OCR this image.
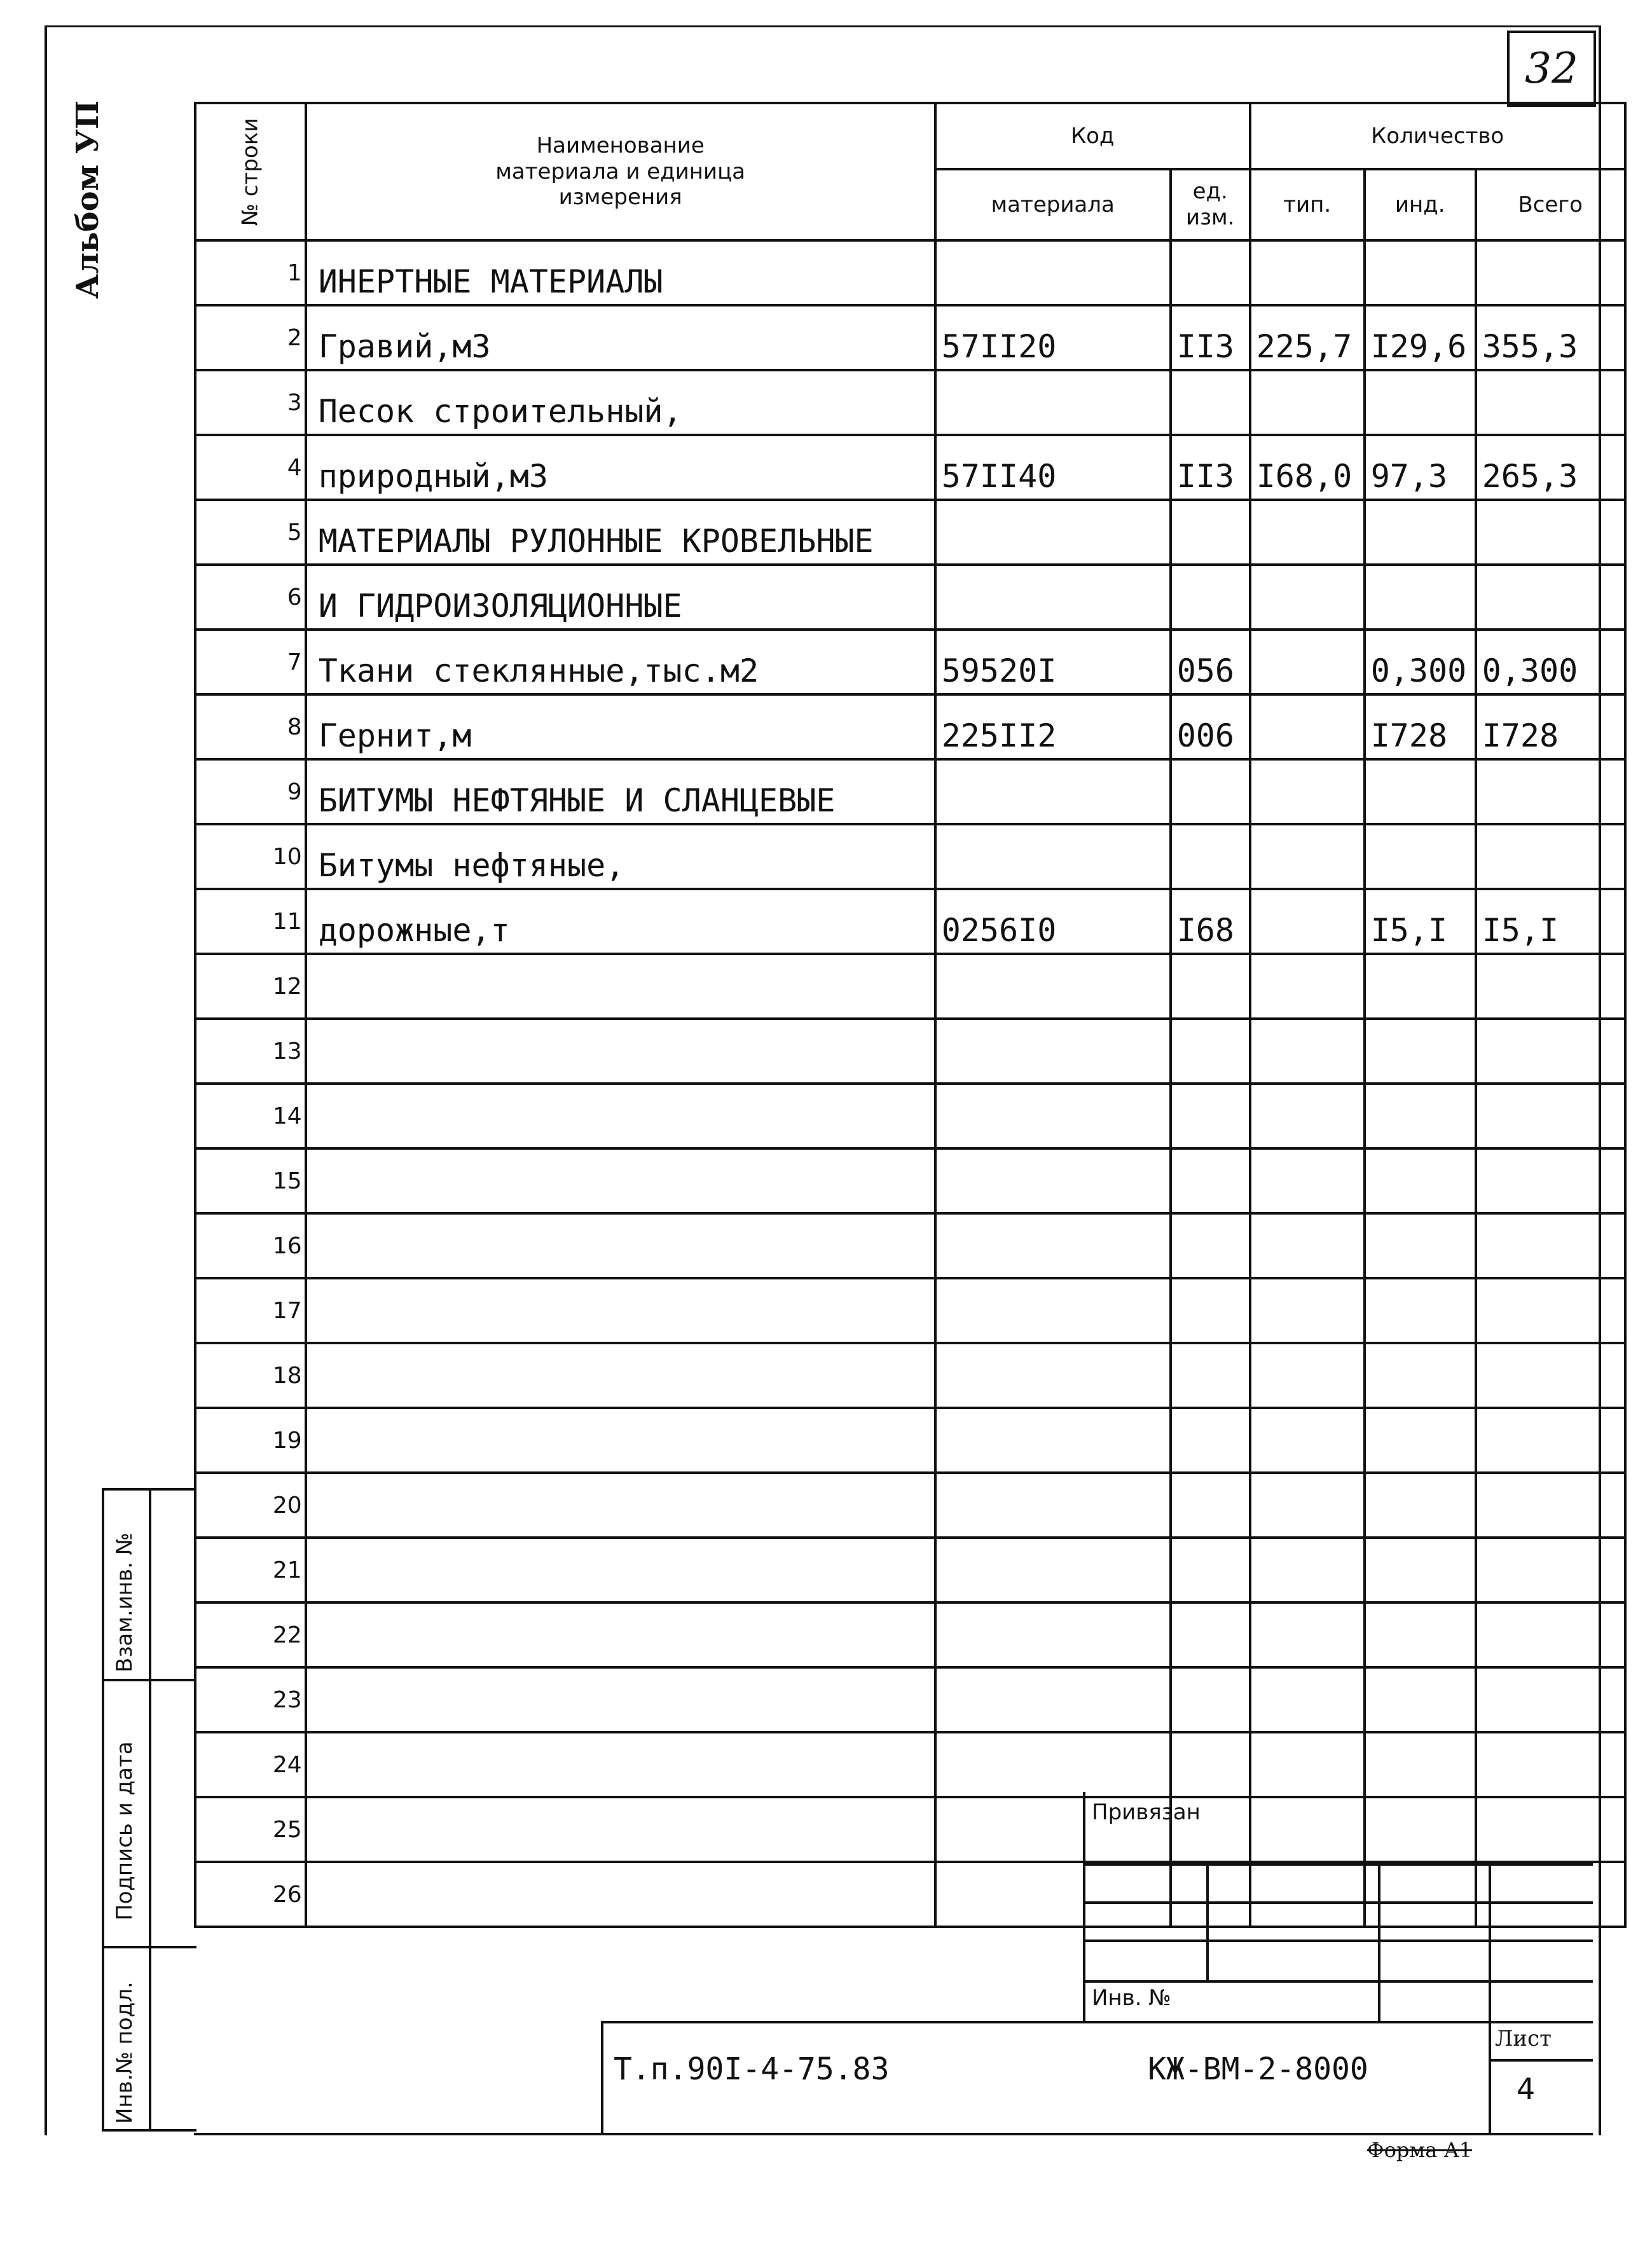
32
Альбом УП	№ строки	Наименование материала и единица измерения	Код		Количество		
		материала	ед. изм.	тип.	инд.	Всего
1	ИНЕРТНЫЕ МАТЕРИАЛЫ					
2	Гравий,м3	57II20	II3	225,7	I29,6	355,3
3	Песок строительный,					
4	природный,м3	57II40	II3	I68,0	97,3	265,3
5	МАТЕРИАЛЫ РУЛОННЫЕ КРОВЕЛЬНЫЕ					
6	И ГИДРОИЗОЛЯЦИОННЫЕ					
7	Ткани стеклянные,тыс.м2	59520I	056		0,300	0,300
8	Гернит,м	225II2	006		I728	I728
9	БИТУМЫ НЕФТЯНЫЕ И СЛАНЦЕВЫЕ					
10	Битумы нефтяные,					
11	дорожные,т	0256I0	I68		I5,I	I5,I
12						
13						
14						
15						
16						
17						
18						
19						
20						
21						
22						
23						
24						
25						
26						
Взам.инв. №
Подпись и дата
Инв.№ подл.
Привязан
Инв. №
Т.п.90I-4-75.83	КЖ-ВМ-2-8000
Лист
4
Форма А1
